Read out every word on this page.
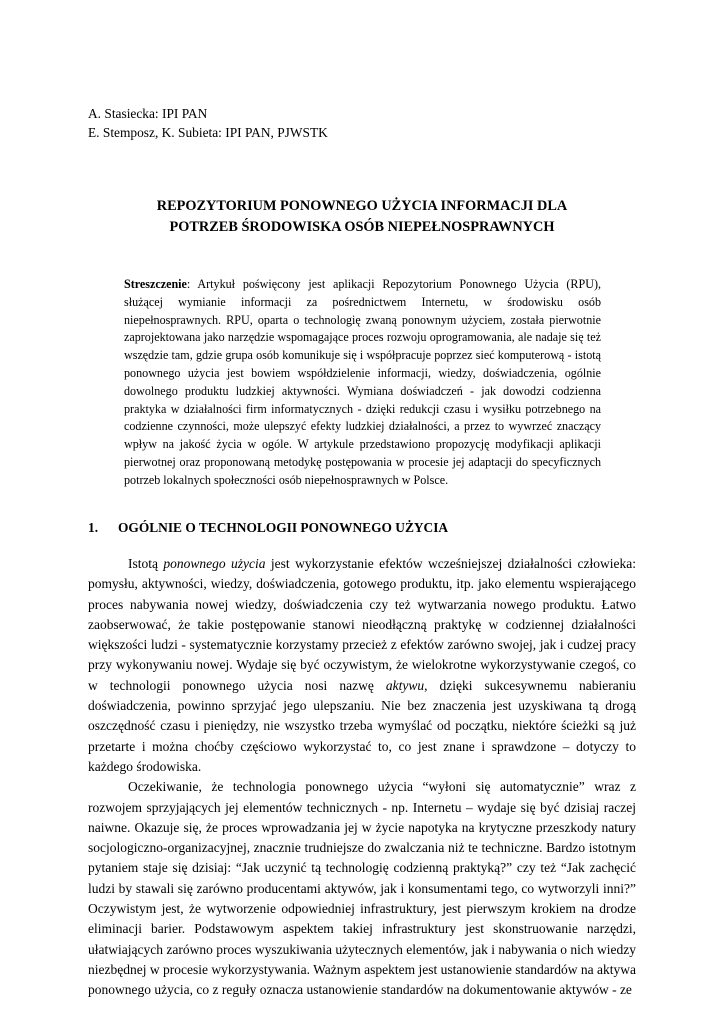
A. Stasiecka: IPI PAN
E. Stemposz, K. Subieta: IPI PAN, PJWSTK
REPOZYTORIUM PONOWNEGO UŻYCIA INFORMACJI DLA
POTRZEB ŚRODOWISKA OSÓB NIEPEŁNOSPRAWNYCH
Streszczenie: Artykuł poświęcony jest aplikacji Repozytorium Ponownego Użycia (RPU), służącej wymianie informacji za pośrednictwem Internetu, w środowisku osób niepełnosprawnych. RPU, oparta o technologię zwaną ponownym użyciem, została pierwotnie zaprojektowana jako narzędzie wspomagające proces rozwoju oprogramowania, ale nadaje się też wszędzie tam, gdzie grupa osób komunikuje się i współpracuje poprzez sieć komputerową - istotą ponownego użycia jest bowiem współdzielenie informacji, wiedzy, doświadczenia, ogólnie dowolnego produktu ludzkiej aktywności. Wymiana doświadczeń - jak dowodzi codzienna praktyka w działalności firm informatycznych - dzięki redukcji czasu i wysiłku potrzebnego na codzienne czynności, może ulepszyć efekty ludzkiej działalności, a przez to wywrzeć znaczący wpływ na jakość życia w ogóle. W artykule przedstawiono propozycję modyfikacji aplikacji pierwotnej oraz proponowaną metodykę postępowania w procesie jej adaptacji do specyficznych potrzeb lokalnych społeczności osób niepełnosprawnych w Polsce.
1. OGÓLNIE O TECHNOLOGII PONOWNEGO UŻYCIA

Istotą ponownego użycia jest wykorzystanie efektów wcześniejszej działalności człowieka: pomysłu, aktywności, wiedzy, doświadczenia, gotowego produktu, itp. jako elementu wspierającego proces nabywania nowej wiedzy, doświadczenia czy też wytwarzania nowego produktu. Łatwo zaobserwować, że takie postępowanie stanowi nieodłączną praktykę w codziennej działalności większości ludzi - systematycznie korzystamy przecież z efektów zarówno swojej, jak i cudzej pracy przy wykonywaniu nowej. Wydaje się być oczywistym, że wielokrotne wykorzystywanie czegoś, co w technologii ponownego użycia nosi nazwę aktywu, dzięki sukcesywnemu nabieraniu doświadczenia, powinno sprzyjać jego ulepszaniu. Nie bez znaczenia jest uzyskiwana tą drogą oszczędność czasu i pieniędzy, nie wszystko trzeba wymyślać od początku, niektóre ścieżki są już przetarte i można choćby częściowo wykorzystać to, co jest znane i sprawdzone – dotyczy to każdego środowiska.

Oczekiwanie, że technologia ponownego użycia “wyłoni się automatycznie” wraz z rozwojem sprzyjających jej elementów technicznych - np. Internetu – wydaje się być dzisiaj raczej naiwne. Okazuje się, że proces wprowadzania jej w życie napotyka na krytyczne przeszkody natury socjologiczno-organizacyjnej, znacznie trudniejsze do zwalczania niż te techniczne. Bardzo istotnym pytaniem staje się dzisiaj: “Jak uczynić tą technologię codzienną praktyką?” czy też “Jak zachęcić ludzi by stawali się zarówno producentami aktywów, jak i konsumentami tego, co wytworzyli inni?” Oczywistym jest, że wytworzenie odpowiedniej infrastruktury, jest pierwszym krokiem na drodze eliminacji barier. Podstawowym aspektem takiej infrastruktury jest skonstruowanie narzędzi, ułatwiających zarówno proces wyszukiwania użytecznych elementów, jak i nabywania o nich wiedzy niezbędnej w procesie wykorzystywania. Ważnym aspektem jest ustanowienie standardów na aktywa ponownego użycia, co z reguły oznacza ustanowienie standardów na dokumentowanie aktywów - ze
